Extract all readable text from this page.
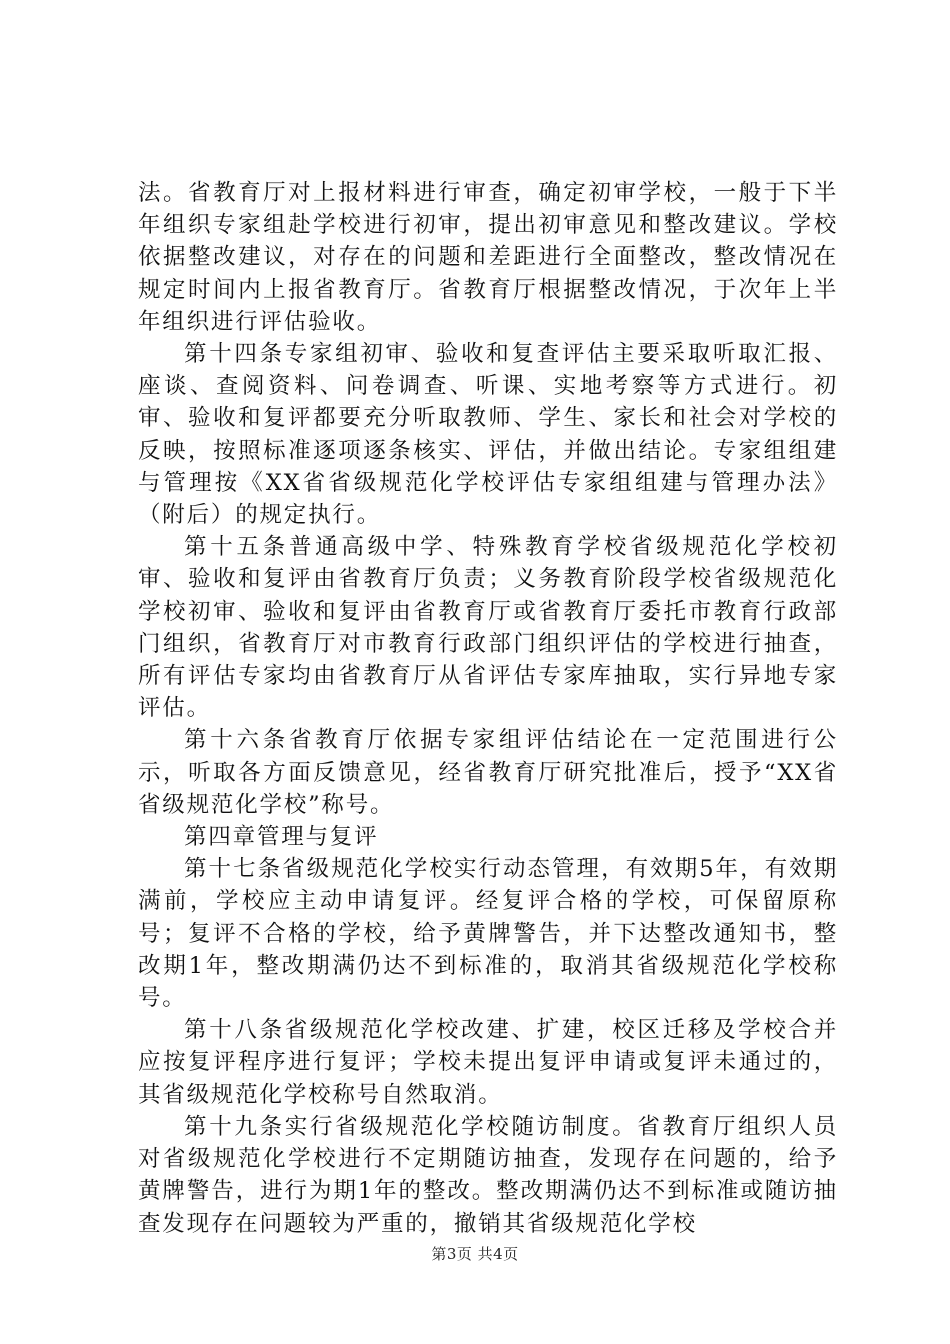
法。省教育厅对上报材料进行审查，确定初审学校，一般于下半年组织专家组赴学校进行初审，提出初审意见和整改建议。学校依据整改建议，对存在的问题和差距进行全面整改，整改情况在规定时间内上报省教育厅。省教育厅根据整改情况，于次年上半年组织进行评估验收。

第十四条专家组初审、验收和复查评估主要采取听取汇报、座谈、查阅资料、问卷调查、听课、实地考察等方式进行。初审、验收和复评都要充分听取教师、学生、家长和社会对学校的反映，按照标准逐项逐条核实、评估，并做出结论。专家组组建与管理按《XX省省级规范化学校评估专家组组建与管理办法》（附后）的规定执行。

第十五条普通高级中学、特殊教育学校省级规范化学校初审、验收和复评由省教育厅负责；义务教育阶段学校省级规范化学校初审、验收和复评由省教育厅或省教育厅委托市教育行政部门组织，省教育厅对市教育行政部门组织评估的学校进行抽查，所有评估专家均由省教育厅从省评估专家库抽取，实行异地专家评估。

第十六条省教育厅依据专家组评估结论在一定范围进行公示，听取各方面反馈意见，经省教育厅研究批准后，授予“XX省省级规范化学校”称号。

第四章管理与复评

第十七条省级规范化学校实行动态管理，有效期5年，有效期满前，学校应主动申请复评。经复评合格的学校，可保留原称号；复评不合格的学校，给予黄牌警告，并下达整改通知书，整改期1年，整改期满仍达不到标准的，取消其省级规范化学校称号。

第十八条省级规范化学校改建、扩建，校区迁移及学校合并应按复评程序进行复评；学校未提出复评申请或复评未通过的，其省级规范化学校称号自然取消。

第十九条实行省级规范化学校随访制度。省教育厅组织人员对省级规范化学校进行不定期随访抽查，发现存在问题的，给予黄牌警告，进行为期1年的整改。整改期满仍达不到标准或随访抽查发现存在问题较为严重的，撤销其省级规范化学校

第3页 共4页
